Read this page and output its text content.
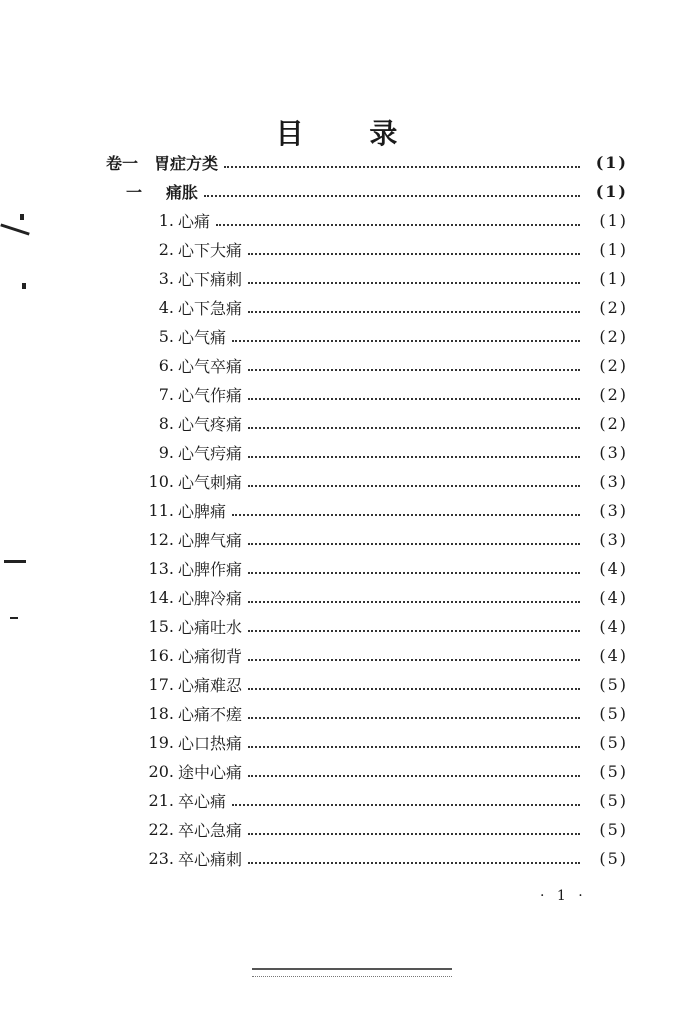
目 录
卷一 胃症方类	(1)
一	痛胀	(1)
1. 心痛	(1)
2. 心下大痛	(1)
3. 心下痛刺	(1)
4. 心下急痛	(2)
5. 心气痛	(2)
6. 心气卒痛	(2)
7. 心气作痛	(2)
8. 心气疼痛	(2)
9. 心气疞痛	(3)
10. 心气刺痛	(3)
11. 心脾痛	(3)
12. 心脾气痛	(3)
13. 心脾作痛	(4)
14. 心脾冷痛	(4)
15. 心痛吐水	(4)
16. 心痛彻背	(4)
17. 心痛难忍	(5)
18. 心痛不瘥	(5)
19. 心口热痛	(5)
20. 途中心痛	(5)
21. 卒心痛	(5)
22. 卒心急痛	(5)
23. 卒心痛刺	(5)
· 1 ·
